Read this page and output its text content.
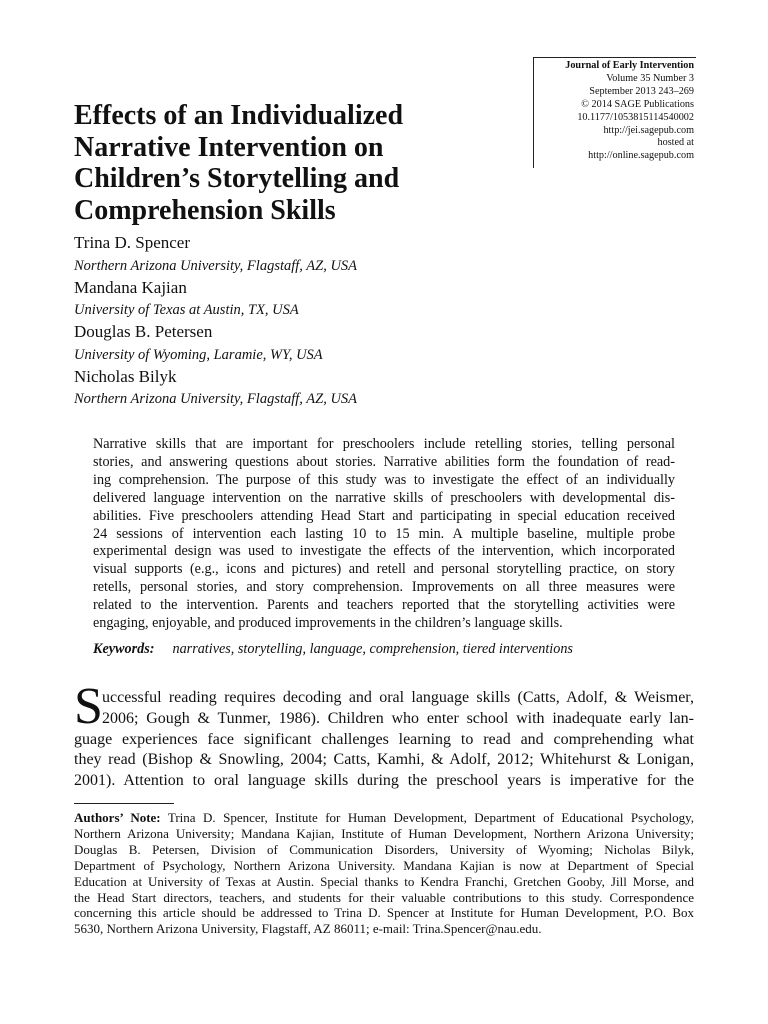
Journal of Early Intervention
Volume 35 Number 3
September 2013 243–269
© 2014 SAGE Publications
10.1177/1053815114540002
http://jei.sagepub.com
hosted at
http://online.sagepub.com
Effects of an Individualized
Narrative Intervention on
Children’s Storytelling and
Comprehension Skills
Trina D. Spencer
Northern Arizona University, Flagstaff, AZ, USA
Mandana Kajian
University of Texas at Austin, TX, USA
Douglas B. Petersen
University of Wyoming, Laramie, WY, USA
Nicholas Bilyk
Northern Arizona University, Flagstaff, AZ, USA
Narrative skills that are important for preschoolers include retelling stories, telling personal
stories, and answering questions about stories. Narrative abilities form the foundation of read-
ing comprehension. The purpose of this study was to investigate the effect of an individually
delivered language intervention on the narrative skills of preschoolers with developmental dis-
abilities. Five preschoolers attending Head Start and participating in special education received
24 sessions of intervention each lasting 10 to 15 min. A multiple baseline, multiple probe
experimental design was used to investigate the effects of the intervention, which incorporated
visual supports (e.g., icons and pictures) and retell and personal storytelling practice, on story
retells, personal stories, and story comprehension. Improvements on all three measures were
related to the intervention. Parents and teachers reported that the storytelling activities were
engaging, enjoyable, and produced improvements in the children’s language skills.
Keywords: narratives, storytelling, language, comprehension, tiered interventions
S uccessful reading requires decoding and oral language skills (Catts, Adolf, & Weismer,
2006; Gough & Tunmer, 1986). Children who enter school with inadequate early lan-
guage experiences face significant challenges learning to read and comprehending what
they read (Bishop & Snowling, 2004; Catts, Kamhi, & Adolf, 2012; Whitehurst & Lonigan,
2001). Attention to oral language skills during the preschool years is imperative for the
Authors’ Note: Trina D. Spencer, Institute for Human Development, Department of Educational Psychology,
Northern Arizona University; Mandana Kajian, Institute of Human Development, Northern Arizona University;
Douglas B. Petersen, Division of Communication Disorders, University of Wyoming; Nicholas Bilyk,
Department of Psychology, Northern Arizona University. Mandana Kajian is now at Department of Special
Education at University of Texas at Austin. Special thanks to Kendra Franchi, Gretchen Gooby, Jill Morse, and
the Head Start directors, teachers, and students for their valuable contributions to this study. Correspondence
concerning this article should be addressed to Trina D. Spencer at Institute for Human Development, P.O. Box
5630, Northern Arizona University, Flagstaff, AZ 86011; e-mail: Trina.Spencer@nau.edu.
